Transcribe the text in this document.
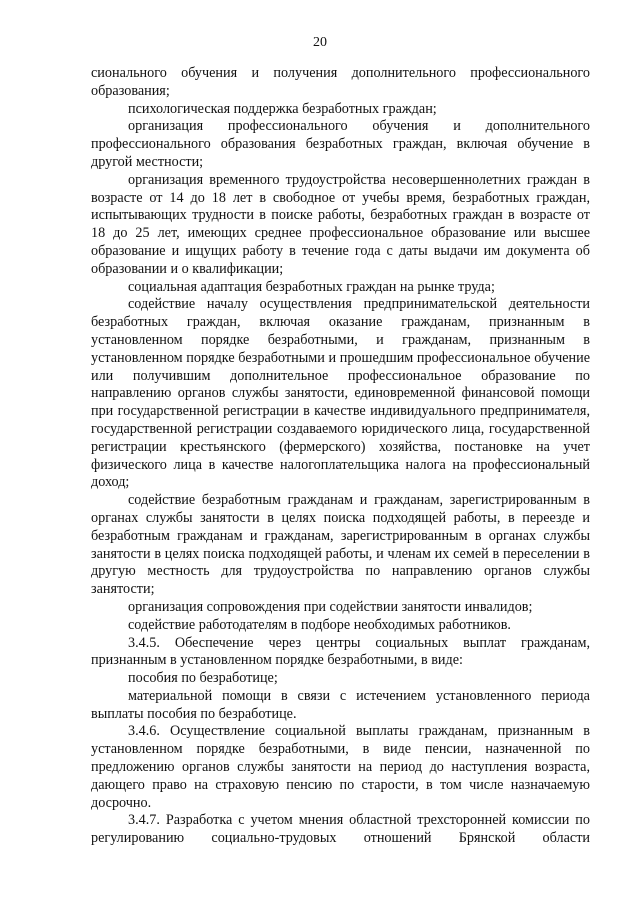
20

сионального обучения и получения дополнительного профессионального образования;

психологическая поддержка безработных граждан;

организация профессионального обучения и дополнительного профессионального образования безработных граждан, включая обучение в другой местности;

организация временного трудоустройства несовершеннолетних граждан в возрасте от 14 до 18 лет в свободное от учебы время, безработных граждан, испытывающих трудности в поиске работы, безработных граждан в возрасте от 18 до 25 лет, имеющих среднее профессиональное образование или высшее образование и ищущих работу в течение года с даты выдачи им документа об образовании и о квалификации;

социальная адаптация безработных граждан на рынке труда;

содействие началу осуществления предпринимательской деятельности безработных граждан, включая оказание гражданам, признанным в установленном порядке безработными, и гражданам, признанным в установленном порядке безработными и прошедшим профессиональное обучение или получившим дополнительное профессиональное образование по направлению органов службы занятости, единовременной финансовой помощи при государственной регистрации в качестве индивидуального предпринимателя, государственной регистрации создаваемого юридического лица, государственной регистрации крестьянского (фермерского) хозяйства, постановке на учет физического лица в качестве налогоплательщика налога на профессиональный доход;

содействие безработным гражданам и гражданам, зарегистрированным в органах службы занятости в целях поиска подходящей работы, в переезде и безработным гражданам и гражданам, зарегистрированным в органах службы занятости в целях поиска подходящей работы, и членам их семей в переселении в другую местность для трудоустройства по направлению органов службы занятости;

организация сопровождения при содействии занятости инвалидов;

содействие работодателям в подборе необходимых работников.

3.4.5. Обеспечение через центры социальных выплат гражданам, признанным в установленном порядке безработными, в виде:

пособия по безработице;

материальной помощи в связи с истечением установленного периода выплаты пособия по безработице.

3.4.6. Осуществление социальной выплаты гражданам, признанным в установленном порядке безработными, в виде пенсии, назначенной по предложению органов службы занятости на период до наступления возраста, дающего право на страховую пенсию по старости, в том числе назначаемую досрочно.

3.4.7. Разработка с учетом мнения областной трехсторонней комиссии по регулированию социально-трудовых отношений Брянской области
